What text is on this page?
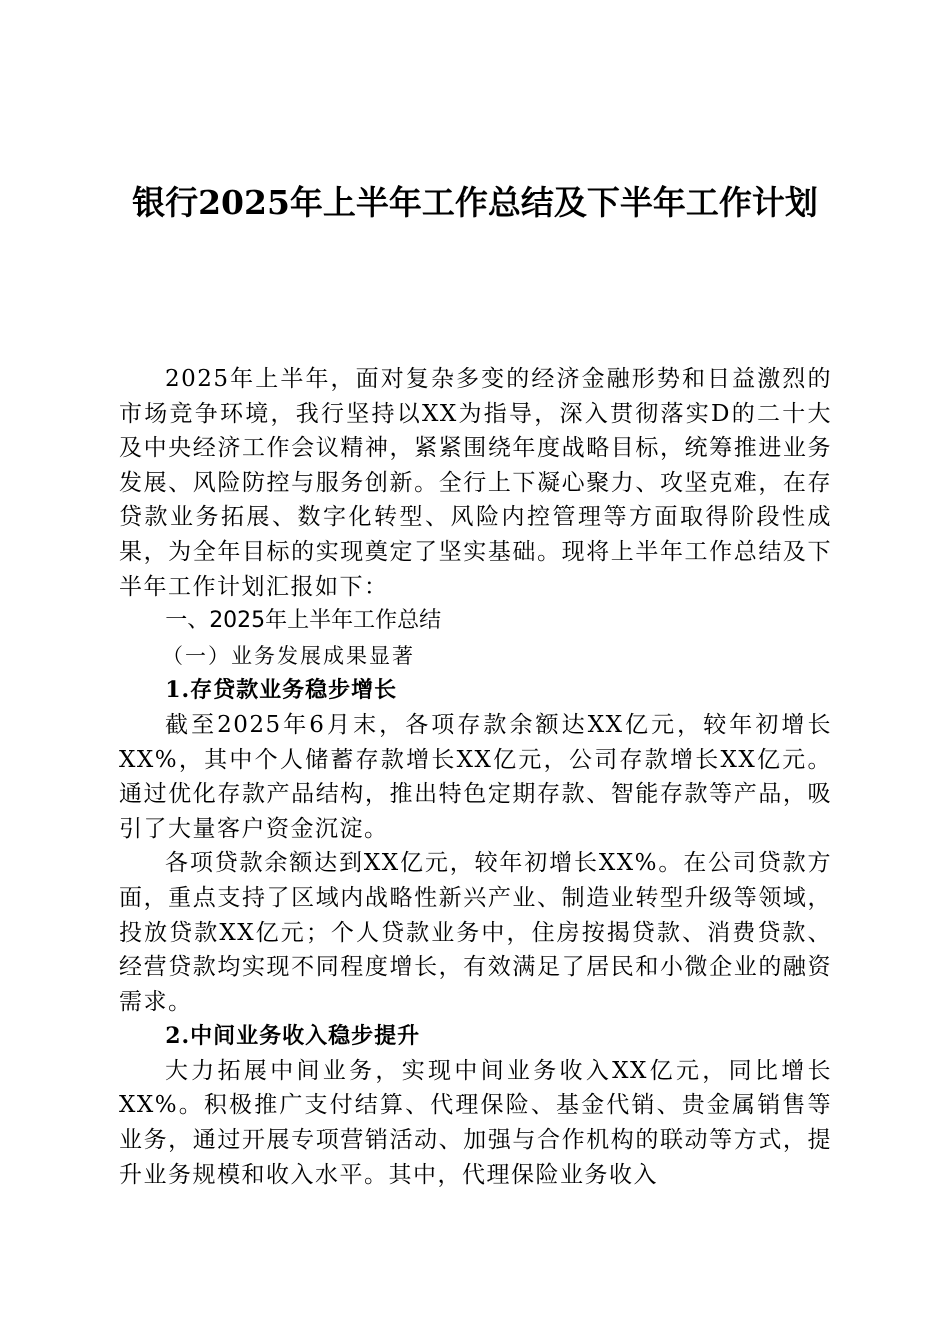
银行2025年上半年工作总结及下半年工作计划

2025年上半年，面对复杂多变的经济金融形势和日益激烈的市场竞争环境，我行坚持以XX为指导，深入贯彻落实D的二十大及中央经济工作会议精神，紧紧围绕年度战略目标，统筹推进业务发展、风险防控与服务创新。全行上下凝心聚力、攻坚克难，在存贷款业务拓展、数字化转型、风险内控管理等方面取得阶段性成果，为全年目标的实现奠定了坚实基础。现将上半年工作总结及下半年工作计划汇报如下：

一、2025年上半年工作总结

（一）业务发展成果显著

1.存贷款业务稳步增长

截至2025年6月末，各项存款余额达XX亿元，较年初增长XX%，其中个人储蓄存款增长XX亿元，公司存款增长XX亿元。通过优化存款产品结构，推出特色定期存款、智能存款等产品，吸引了大量客户资金沉淀。

各项贷款余额达到XX亿元，较年初增长XX%。在公司贷款方面，重点支持了区域内战略性新兴产业、制造业转型升级等领域，投放贷款XX亿元；个人贷款业务中，住房按揭贷款、消费贷款、经营贷款均实现不同程度增长，有效满足了居民和小微企业的融资需求。

2.中间业务收入稳步提升

大力拓展中间业务，实现中间业务收入XX亿元，同比增长XX%。积极推广支付结算、代理保险、基金代销、贵金属销售等业务，通过开展专项营销活动、加强与合作机构的联动等方式，提升业务规模和收入水平。其中，代理保险业务收入
